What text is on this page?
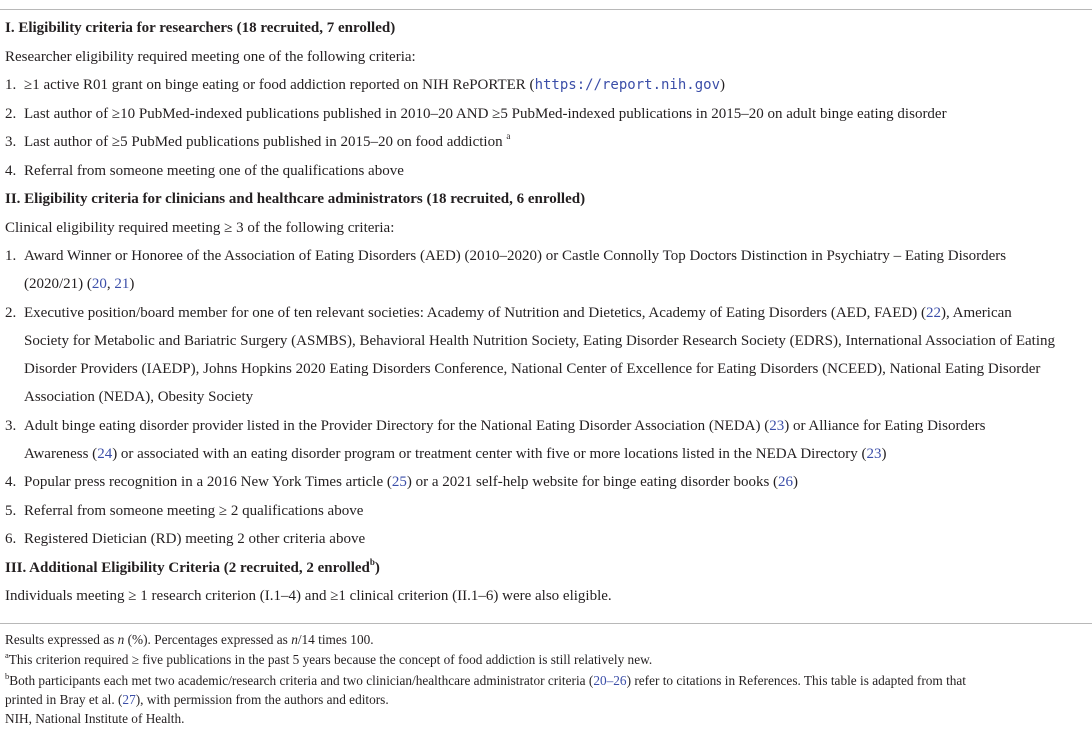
I. Eligibility criteria for researchers (18 recruited, 7 enrolled)
Researcher eligibility required meeting one of the following criteria:
1. ≥1 active R01 grant on binge eating or food addiction reported on NIH RePORTER (https://report.nih.gov)
2. Last author of ≥10 PubMed-indexed publications published in 2010–20 AND ≥5 PubMed-indexed publications in 2015–20 on adult binge eating disorder
3. Last author of ≥5 PubMed publications published in 2015–20 on food addiction $^a$
4. Referral from someone meeting one of the qualifications above
II. Eligibility criteria for clinicians and healthcare administrators (18 recruited, 6 enrolled)
Clinical eligibility required meeting ≥ 3 of the following criteria:
1. Award Winner or Honoree of the Association of Eating Disorders (AED) (2010–2020) or Castle Connolly Top Doctors Distinction in Psychiatry – Eating Disorders
(2020/21) (20, 21)
2. Executive position/board member for one of ten relevant societies: Academy of Nutrition and Dietetics, Academy of Eating Disorders (AED, FAED) (22), American
Society for Metabolic and Bariatric Surgery (ASMBS), Behavioral Health Nutrition Society, Eating Disorder Research Society (EDRS), International Association of Eating
Disorder Providers (IAEDP), Johns Hopkins 2020 Eating Disorders Conference, National Center of Excellence for Eating Disorders (NCEED), National Eating Disorder
Association (NEDA), Obesity Society
3. Adult binge eating disorder provider listed in the Provider Directory for the National Eating Disorder Association (NEDA) (23) or Alliance for Eating Disorders
Awareness (24) or associated with an eating disorder program or treatment center with five or more locations listed in the NEDA Directory (23)
4. Popular press recognition in a 2016 New York Times article (25) or a 2021 self-help website for binge eating disorder books (26)
5. Referral from someone meeting ≥ 2 qualifications above
6. Registered Dietician (RD) meeting 2 other criteria above
III. Additional Eligibility Criteria (2 recruited, 2 enrolled$^b$)
Individuals meeting ≥ 1 research criterion (I.1–4) and ≥1 clinical criterion (II.1–6) were also eligible.
Results expressed as n (%). Percentages expressed as n/14 times 100.
$^a$This criterion required ≥ five publications in the past 5 years because the concept of food addiction is still relatively new.
$^b$Both participants each met two academic/research criteria and two clinician/healthcare administrator criteria (20–26) refer to citations in References. This table is adapted from that
printed in Bray et al. (27), with permission from the authors and editors.
NIH, National Institute of Health.
